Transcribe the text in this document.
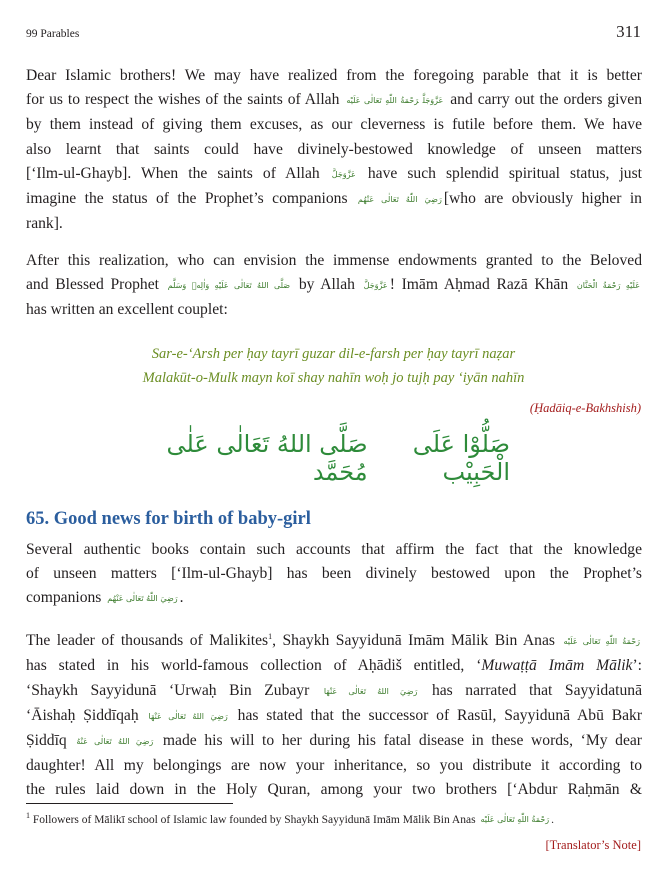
99 Parables	311

Dear Islamic brothers! We may have realized from the foregoing parable that it is better
for us to respect the wishes of the saints of Allah	عَزَّوَجَلَّرَحْمَةُ اللّٰهِ تَعَالٰى عَلَيْه and carry out the orders given
by them instead of giving them excuses, as our cleverness is futile before them. We have
also learnt that saints could have divinely-bestowed knowledge of unseen matters
[‘Ilm-ul-Ghayb]. When the saints of Allah عَزَّوَجَلَّ have such splendid spiritual status, just
imagine the status of the Prophet’s companions رَضِيَ اللّٰهُ تَعَالٰى عَنْهُم [who are obviously higher in
rank].

After this realization, who can envision the immense endowments granted to the Beloved
and Blessed Prophet صَلَّى اللهُ تَعَالٰى عَلَيْهِ وَاٰلِهٖ وَسَلَّم by Allah عَزَّوَجَلَّ ! Imām Aḥmad Razā Khān عَلَيْهِ رَحْمَةُ الْحَنَّان
has written an excellent couplet:

Sar-e-‘Arsh per ḥay tayrī guzar dil-e-farsh per ḥay tayrī naẓar

Malakūt-o-Mulk mayn koī shay nahīn woḥ jo tujḥ pay ‘iyān nahīn

(Ḥadāiq-e-Bakhshish)

صَلُّوْا عَلَى الْحَبِيْب
صَلَّى اللهُ تَعَالٰى عَلٰى مُحَمَّد
65. Good news for birth of baby-girl

Several authentic books contain such accounts that affirm the fact that the knowledge
of unseen matters [‘Ilm-ul-Ghayb] has been divinely bestowed upon the Prophet’s
companions رَضِيَ اللّٰهُ تَعَالٰى عَنْهُم .

The leader of thousands of Malikites$^1$, Shaykh Sayyidunā Imām Mālik Bin Anas رَحْمَةُ اللّٰهِ تَعَالٰى عَلَيْه
has stated in his world-famous collection of Aḥādiš entitled, ‘Muwaṭṭā Imām Mālik’:
‘Shaykh Sayyidunā ‘Urwaḥ Bin Zubayr رَضِيَ اللهُ تَعَالٰى عَنْهَا has narrated that Sayyidatunā
‘Āishaḥ Ṣiddīqaḥ رَضِيَ اللهُ تَعَالٰى عَنْهَا has stated that the successor of Rasūl, Sayyidunā Abū Bakr
Ṣiddīq رَضِيَ اللهُ تَعَالٰى عَنْهُ made his will to her during his fatal disease in these words, ‘My dear
daughter! All my belongings are now your inheritance, so you distribute it according to
the rules laid down in the Holy Quran, among your two brothers [‘Abdur Raḥmān &

$^1$ Followers of Mālikī school of Islamic law founded by Shaykh Sayyidunā Imām Mālik Bin Anas رَحْمَةُ اللّٰهِ تَعَالٰى عَلَيْه .

[Translator’s Note]
